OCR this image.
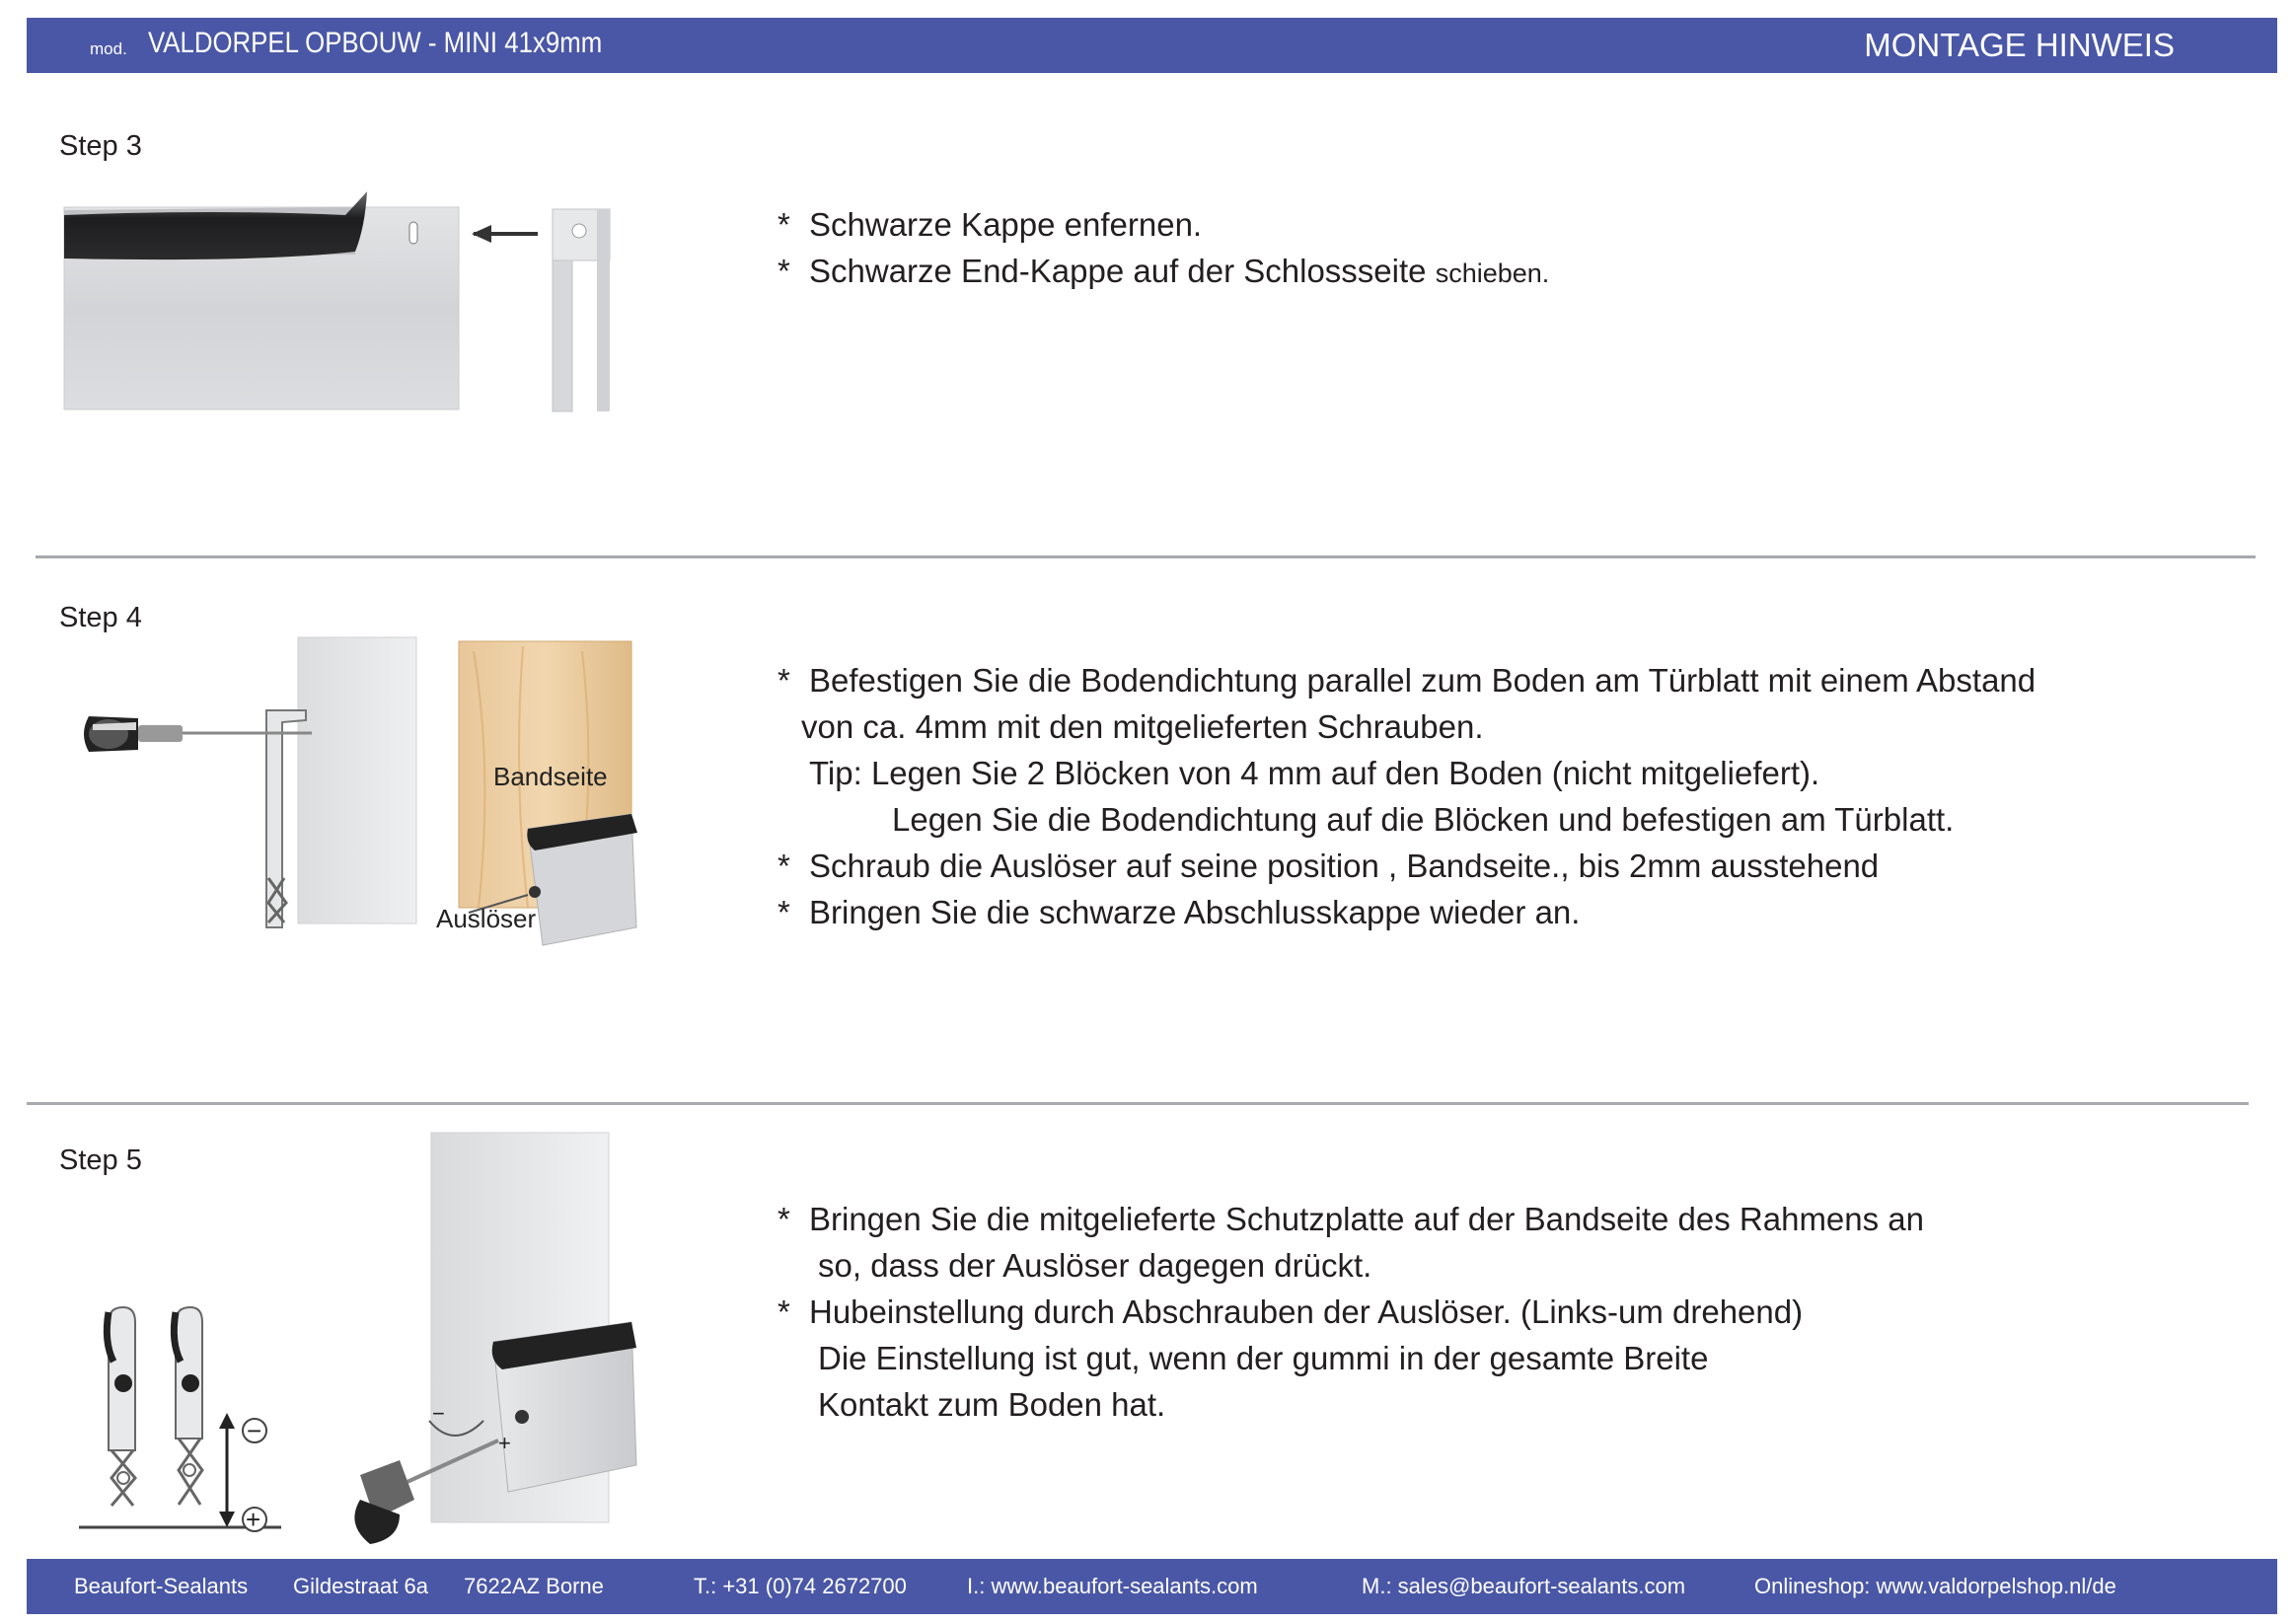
mod. VALDORPEL OPBOUW - MINI 41x9mm	MONTAGE HINWEIS
Step 3
* Schwarze Kappe enfernen.
* Schwarze End-Kappe auf der Schlossseite schieben.
Step 4
Bandseite
Auslöser
* Befestigen Sie die Bodendichtung parallel zum Boden am Türblatt mit einem Abstand
von ca. 4mm mit den mitgelieferten Schrauben.
Tip: Legen Sie 2 Blöcken von 4 mm auf den Boden (nicht mitgeliefert).
Legen Sie die Bodendichtung auf die Blöcken und befestigen am Türblatt.
* Schraub die Auslöser auf seine position , Bandseite., bis 2mm ausstehend
* Bringen Sie die schwarze Abschlusskappe wieder an.
Step 5
−
+
−
+
* Bringen Sie die mitgelieferte Schutzplatte auf der Bandseite des Rahmens an
so, dass der Auslöser dagegen drückt.
* Hubeinstellung durch Abschrauben der Auslöser. (Links-um drehend)
Die Einstellung ist gut, wenn der gummi in der gesamte Breite
Kontakt zum Boden hat.
Beaufort-Sealants Gildestraat 6a 7622AZ Borne	T.: +31 (0)74 2672700	I.: www.beaufort-sealants.com	M.: sales@beaufort-sealants.com	Onlineshop: www.valdorpelshop.nl/de
